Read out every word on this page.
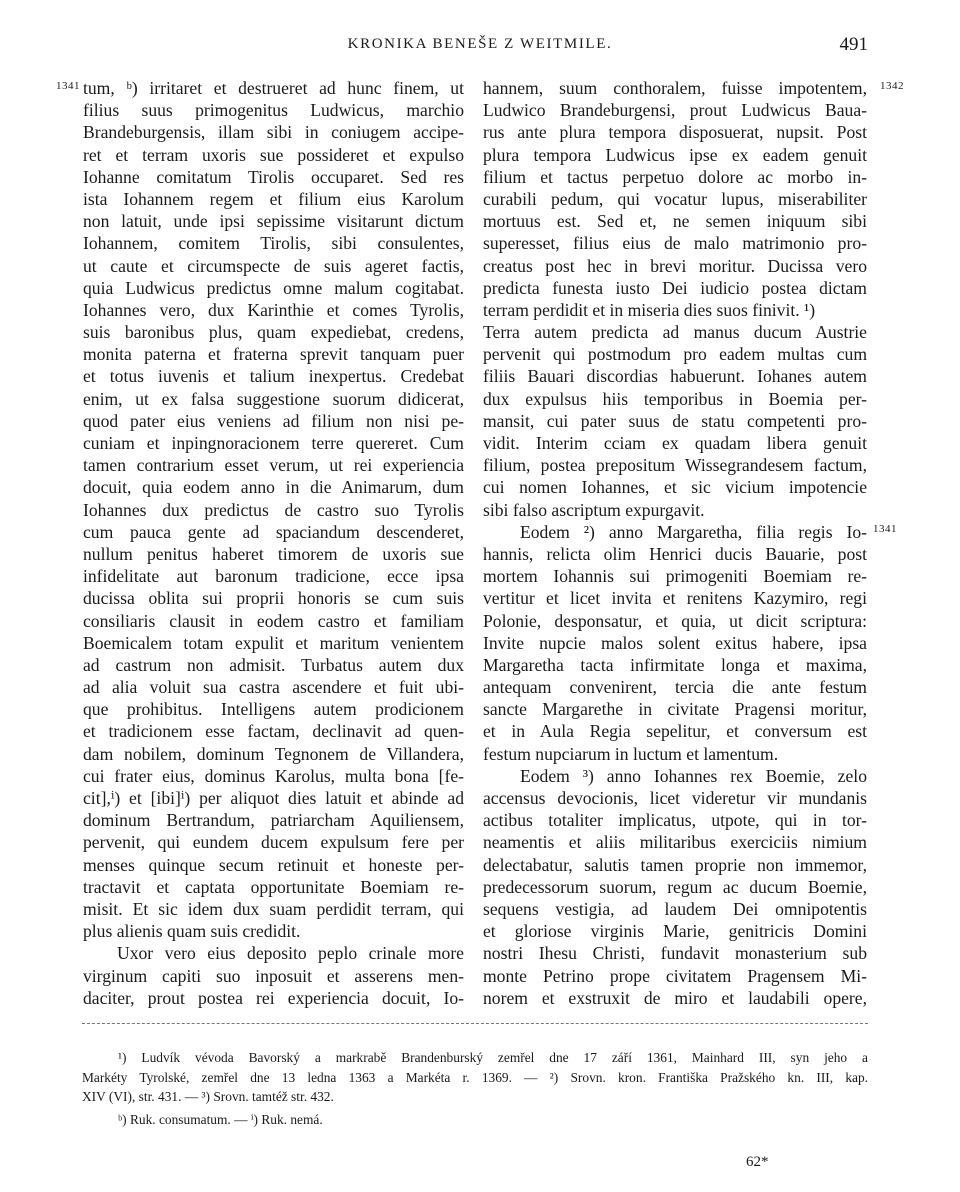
KRONIKA BENEŠE Z WEITMILE.	491
1341	1342
1341
tum, ᵇ) irritaret et destrueret ad hunc finem, ut
filius suus primogenitus Ludwicus, marchio
Brandeburgensis, illam sibi in coniugem accipe-
ret et terram uxoris sue possideret et expulso
Iohanne comitatum Tirolis occuparet. Sed res
ista Iohannem regem et filium eius Karolum
non latuit, unde ipsi sepissime visitarunt dictum
Iohannem, comitem Tirolis, sibi consulentes,
ut caute et circumspecte de suis ageret factis,
quia Ludwicus predictus omne malum cogitabat.
Iohannes vero, dux Karinthie et comes Tyrolis,
suis baronibus plus, quam expediebat, credens,
monita paterna et fraterna sprevit tanquam puer
et totus iuvenis et talium inexpertus. Credebat
enim, ut ex falsa suggestione suorum didicerat,
quod pater eius veniens ad filium non nisi pe-
cuniam et inpingnoracionem terre quereret. Cum
tamen contrarium esset verum, ut rei experiencia
docuit, quia eodem anno in die Animarum, dum
Iohannes dux predictus de castro suo Tyrolis
cum pauca gente ad spaciandum descenderet,
nullum penitus haberet timorem de uxoris sue
infidelitate aut baronum tradicione, ecce ipsa
ducissa oblita sui proprii honoris se cum suis
consiliaris clausit in eodem castro et familiam
Boemicalem totam expulit et maritum venientem
ad castrum non admisit. Turbatus autem dux
ad alia voluit sua castra ascendere et fuit ubi-
que prohibitus. Intelligens autem prodicionem
et tradicionem esse factam, declinavit ad quen-
dam nobilem, dominum Tegnonem de Villandera,
cui frater eius, dominus Karolus, multa bona [fe-
cit],ⁱ) et [ibi]ⁱ) per aliquot dies latuit et abinde ad
dominum Bertrandum, patriarcham Aquiliensem,
pervenit, qui eundem ducem expulsum fere per
menses quinque secum retinuit et honeste per-
tractavit et captata opportunitate Boemiam re-
misit. Et sic idem dux suam perdidit terram, qui
plus alienis quam suis credidit.
Uxor vero eius deposito peplo crinale more
virginum capiti suo inposuit et asserens men-
daciter, prout postea rei experiencia docuit, Io-
hannem, suum conthoralem, fuisse impotentem,
Ludwico Brandeburgensi, prout Ludwicus Baua-
rus ante plura tempora disposuerat, nupsit. Post
plura tempora Ludwicus ipse ex eadem genuit
filium et tactus perpetuo dolore ac morbo in-
curabili pedum, qui vocatur lupus, miserabiliter
mortuus est. Sed et, ne semen iniquum sibi
superesset, filius eius de malo matrimonio pro-
creatus post hec in brevi moritur. Ducissa vero
predicta funesta iusto Dei iudicio postea dictam
terram perdidit et in miseria dies suos finivit. ¹)
Terra autem predicta ad manus ducum Austrie
pervenit qui postmodum pro eadem multas cum
filiis Bauari discordias habuerunt. Iohanes autem
dux expulsus hiis temporibus in Boemia per-
mansit, cui pater suus de statu competenti pro-
vidit. Interim cciam ex quadam libera genuit
filium, postea prepositum Wissegrandesem factum,
cui nomen Iohannes, et sic vicium impotencie
sibi falso ascriptum expurgavit.
Eodem ²) anno Margaretha, filia regis Io-
hannis, relicta olim Henrici ducis Bauarie, post
mortem Iohannis sui primogeniti Boemiam re-
vertitur et licet invita et renitens Kazymiro, regi
Polonie, desponsatur, et quia, ut dicit scriptura:
Invite nupcie malos solent exitus habere, ipsa
Margaretha tacta infirmitate longa et maxima,
antequam convenirent, tercia die ante festum
sancte Margarethe in civitate Pragensi moritur,
et in Aula Regia sepelitur, et conversum est
festum nupciarum in luctum et lamentum.
Eodem ³) anno Iohannes rex Boemie, zelo
accensus devocionis, licet videretur vir mundanis
actibus totaliter implicatus, utpote, qui in tor-
neamentis et aliis militaribus exerciciis nimium
delectabatur, salutis tamen proprie non immemor,
predecessorum suorum, regum ac ducum Boemie,
sequens vestigia, ad laudem Dei omnipotentis
et gloriose virginis Marie, genitricis Domini
nostri Ihesu Christi, fundavit monasterium sub
monte Petrino prope civitatem Pragensem Mi-
norem et exstruxit de miro et laudabili opere,
¹) Ludvík vévoda Bavorský a markrabě Brandenburský zemřel dne 17 září 1361, Mainhard III, syn jeho a
Markéty Tyrolské, zemřel dne 13 ledna 1363 a Markéta r. 1369. — ²) Srovn. kron. Františka Pražského kn. III, kap.
XIV (VI), str. 431. — ³) Srovn. tamtéž str. 432.
ᵇ) Ruk. consumatum. — ⁱ) Ruk. nemá.
62*
